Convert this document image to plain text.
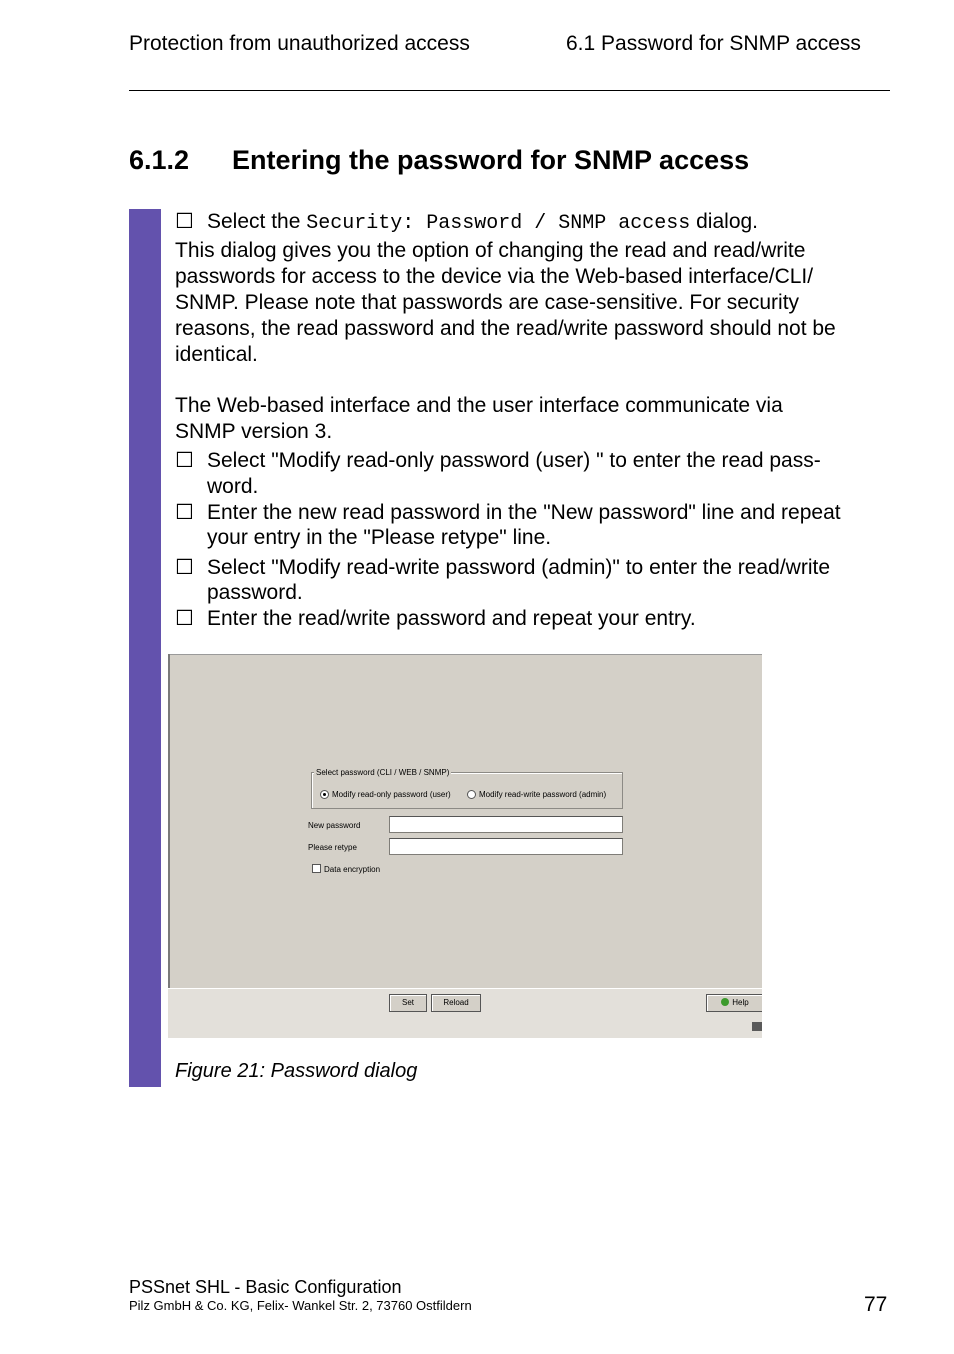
Protection from unauthorized access	6.1 Password for SNMP access
6.1.2 Entering the password for SNMP access
☐ Select the Security: Password / SNMP access dialog.
This dialog gives you the option of changing the read and read/write
passwords for access to the device via the Web-based interface/CLI/
SNMP. Please note that passwords are case-sensitive. For security
reasons, the read password and the read/write password should not be
identical.
The Web-based interface and the user interface communicate via
SNMP version 3.
☐ Select "Modify read-only password (user) " to enter the read pass-
word.
☐ Enter the new read password in the "New password" line and repeat
your entry in the "Please retype" line.
☐ Select "Modify read-write password (admin)" to enter the read/write
password.
☐ Enter the read/write password and repeat your entry.
Select password (CLI / WEB / SNMP)
Modify read-only password (user)	Modify read-write password (admin)
New password
Please retype
Data encryption
Set	Reload	Help
Figure 21: Password dialog
PSSnet SHL - Basic Configuration
Pilz GmbH & Co. KG, Felix- Wankel Str. 2, 73760 Ostfildern	77
